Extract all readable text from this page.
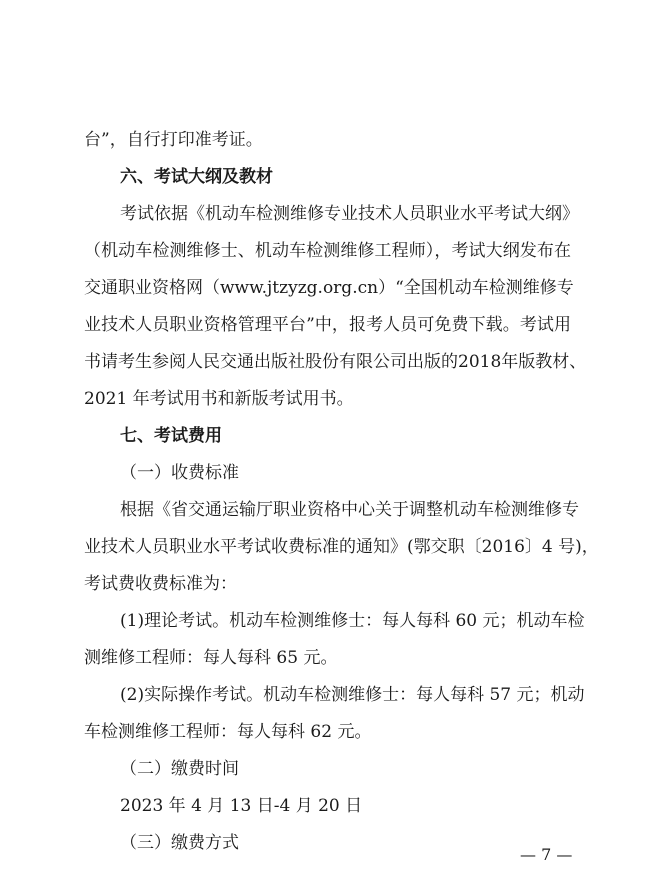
台”，自行打印准考证。
六、考试大纲及教材
考试依据《机动车检测维修专业技术人员职业水平考试大纲》
（机动车检测维修士、机动车检测维修工程师），考试大纲发布在
交通职业资格网（www.jtzyzg.org.cn）“全国机动车检测维修专
业技术人员职业资格管理平台”中，报考人员可免费下载。考试用
书请考生参阅人民交通出版社股份有限公司出版的2018年版教材、
2021 年考试用书和新版考试用书。
七、考试费用
（一）收费标准
根据《省交通运输厅职业资格中心关于调整机动车检测维修专
业技术人员职业水平考试收费标准的通知》(鄂交职〔2016〕4 号)，
考试费收费标准为：
(1)理论考试。机动车检测维修士：每人每科 60 元；机动车检
测维修工程师：每人每科 65 元。
(2)实际操作考试。机动车检测维修士：每人每科 57 元；机动
车检测维修工程师：每人每科 62 元。
（二）缴费时间
2023 年 4 月 13 日-4 月 20 日
（三）缴费方式
— 7 —
